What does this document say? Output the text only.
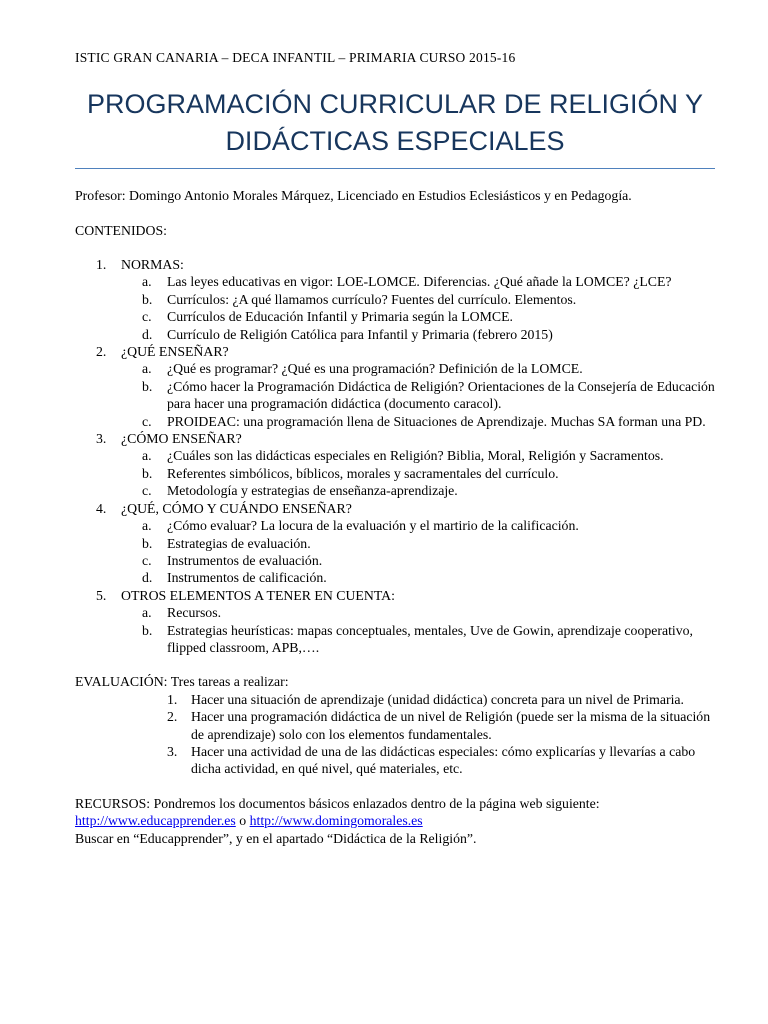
ISTIC GRAN CANARIA – DECA INFANTIL – PRIMARIA CURSO 2015-16
PROGRAMACIÓN CURRICULAR DE RELIGIÓN Y
DIDÁCTICAS ESPECIALES
Profesor: Domingo Antonio Morales Márquez, Licenciado en Estudios Eclesiásticos y en Pedagogía.
CONTENIDOS:
1. NORMAS:
a. Las leyes educativas en vigor: LOE-LOMCE. Diferencias. ¿Qué añade la LOMCE? ¿LCE?
b. Currículos: ¿A qué llamamos currículo? Fuentes del currículo. Elementos.
c. Currículos de Educación Infantil y Primaria según la LOMCE.
d. Currículo de Religión Católica para Infantil y Primaria (febrero 2015)
2. ¿QUÉ ENSEÑAR?
a. ¿Qué es programar? ¿Qué es una programación? Definición de la LOMCE.
b. ¿Cómo hacer la Programación Didáctica de Religión? Orientaciones de la Consejería de Educación para hacer una programación didáctica (documento caracol).
c. PROIDEAC: una programación llena de Situaciones de Aprendizaje. Muchas SA forman una PD.
3. ¿CÓMO ENSEÑAR?
a. ¿Cuáles son las didácticas especiales en Religión? Biblia, Moral, Religión y Sacramentos.
b. Referentes simbólicos, bíblicos, morales y sacramentales del currículo.
c. Metodología y estrategias de enseñanza-aprendizaje.
4. ¿QUÉ, CÓMO Y CUÁNDO ENSEÑAR?
a. ¿Cómo evaluar? La locura de la evaluación y el martirio de la calificación.
b. Estrategias de evaluación.
c. Instrumentos de evaluación.
d. Instrumentos de calificación.
5. OTROS ELEMENTOS A TENER EN CUENTA:
a. Recursos.
b. Estrategias heurísticas: mapas conceptuales, mentales, Uve de Gowin, aprendizaje cooperativo, flipped classroom, APB,….
EVALUACIÓN: Tres tareas a realizar:
1. Hacer una situación de aprendizaje (unidad didáctica) concreta para un nivel de Primaria.
2. Hacer una programación didáctica de un nivel de Religión (puede ser la misma de la situación de aprendizaje) solo con los elementos fundamentales.
3. Hacer una actividad de una de las didácticas especiales: cómo explicarías y llevarías a cabo dicha actividad, en qué nivel, qué materiales, etc.
RECURSOS: Pondremos los documentos básicos enlazados dentro de la página web siguiente:
http://www.educapprender.es o http://www.domingomorales.es
Buscar en “Educapprender”, y en el apartado “Didáctica de la Religión”.
